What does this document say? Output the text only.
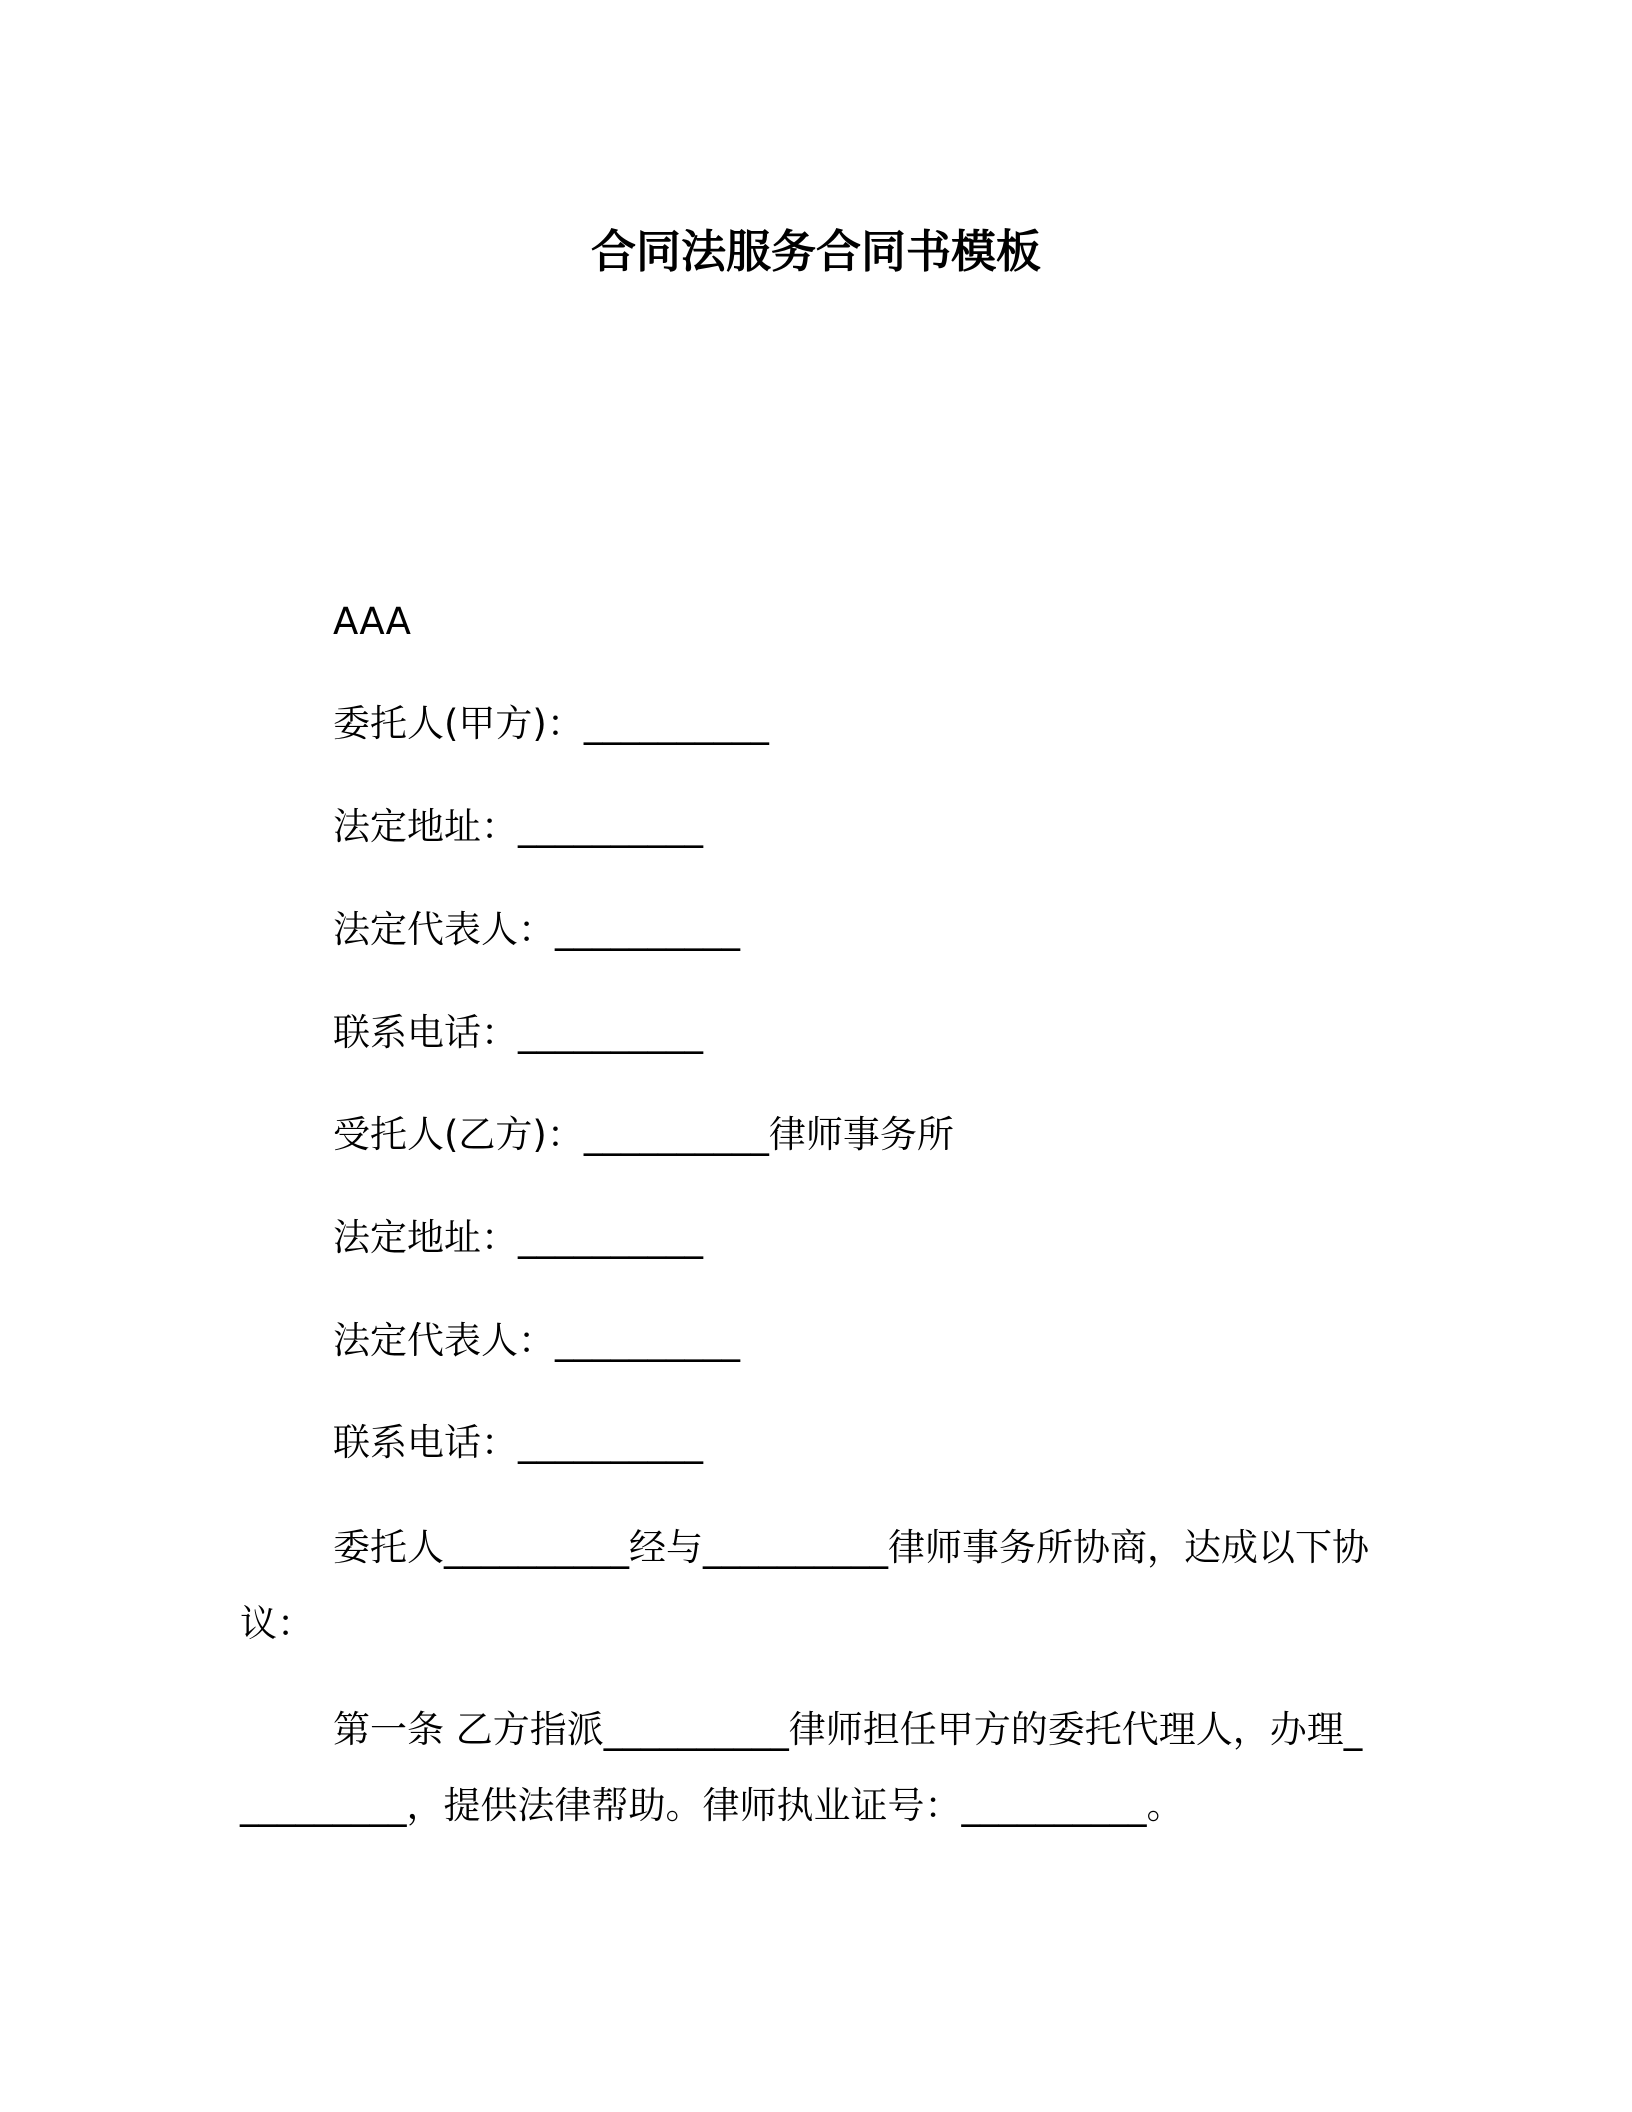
合同法服务合同书模板
AAA
委托人(甲方)：__________
法定地址：__________
法定代表人：__________
联系电话：__________
受托人(乙方)：__________律师事务所
法定地址：__________
法定代表人：__________
联系电话：__________
委托人__________经与__________律师事务所协商，达成以下协议：
第一条 乙方指派__________律师担任甲方的委托代理人，办理__________，提供法律帮助。律师执业证号：__________。
